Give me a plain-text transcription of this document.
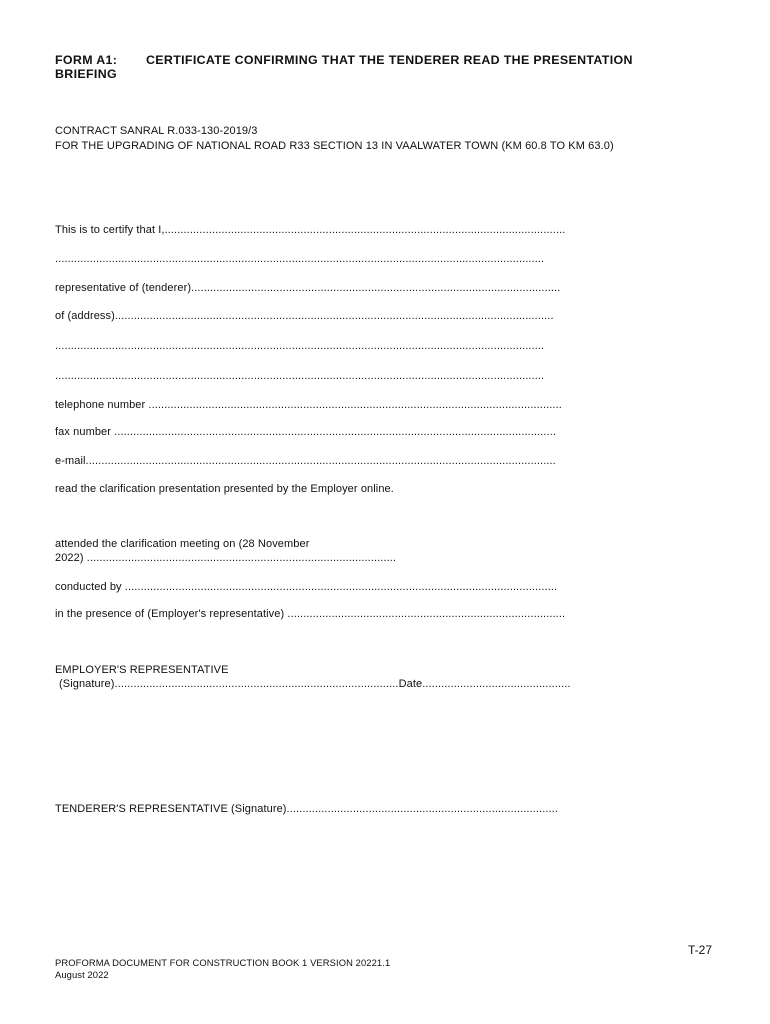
FORM A1: CERTIFICATE CONFIRMING THAT THE TENDERER READ THE PRESENTATION
BRIEFING
CONTRACT SANRAL R.033-130-2019/3
FOR THE UPGRADING OF NATIONAL ROAD R33 SECTION 13 IN VAALWATER TOWN (KM 60.8 TO KM 63.0)
This is to certify that I,...............................................................................................................................
...........................................................................................................................................................
representative of (tenderer).....................................................................................................................
of (address)...........................................................................................................................................
...........................................................................................................................................................
...........................................................................................................................................................
telephone number ...................................................................................................................................
fax number ............................................................................................................................................
e-mail.....................................................................................................................................................
read the clarification presentation presented by the Employer online.
attended the clarification meeting on (28 November
2022) ..................................................................................................
conducted by .........................................................................................................................................
in the presence of (Employer's representative) ........................................................................................
EMPLOYER'S REPRESENTATIVE
(Signature)..........................................................................................Date...............................................
TENDERER'S REPRESENTATIVE (Signature)......................................................................................
T-27
PROFORMA DOCUMENT FOR CONSTRUCTION BOOK 1 VERSION 20221.1
August 2022
